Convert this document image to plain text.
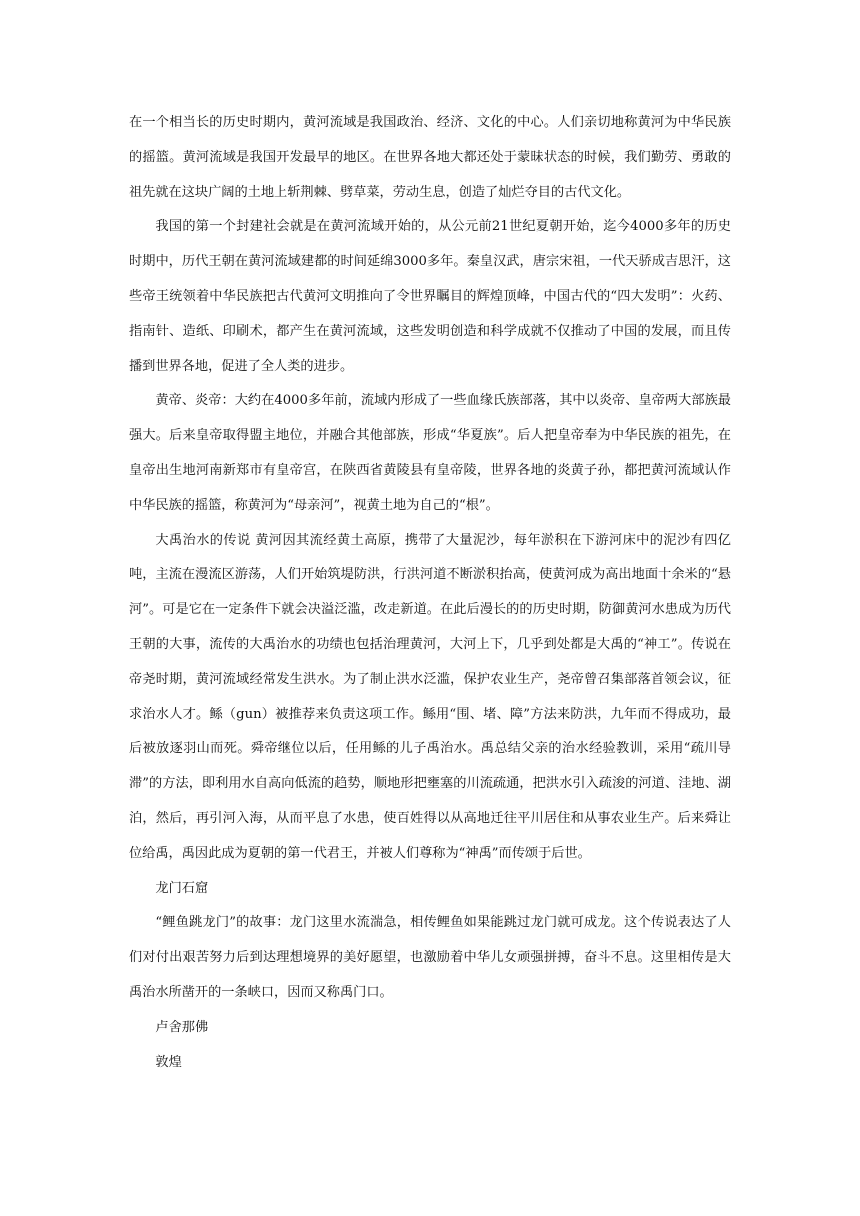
在一个相当长的历史时期内，黄河流域是我国政治、经济、文化的中心。人们亲切地称黄河为中华民族的摇篮。黄河流域是我国开发最早的地区。在世界各地大都还处于蒙昧状态的时候，我们勤劳、勇敢的祖先就在这块广阔的土地上斩荆棘、劈草菜，劳动生息，创造了灿烂夺目的古代文化。

我国的第一个封建社会就是在黄河流域开始的，从公元前21世纪夏朝开始，迄今4000多年的历史时期中，历代王朝在黄河流域建都的时间延绵3000多年。秦皇汉武，唐宗宋祖，一代天骄成吉思汗，这些帝王统领着中华民族把古代黄河文明推向了令世界瞩目的辉煌顶峰，中国古代的“四大发明”：火药、指南针、造纸、印刷术，都产生在黄河流域，这些发明创造和科学成就不仅推动了中国的发展，而且传播到世界各地，促进了全人类的进步。

黄帝、炎帝：大约在4000多年前，流域内形成了一些血缘氏族部落，其中以炎帝、皇帝两大部族最强大。后来皇帝取得盟主地位，并融合其他部族，形成“华夏族”。后人把皇帝奉为中华民族的祖先，在皇帝出生地河南新郑市有皇帝宫，在陕西省黄陵县有皇帝陵，世界各地的炎黄子孙，都把黄河流域认作中华民族的摇篮，称黄河为“母亲河”，视黄土地为自己的“根”。

大禹治水的传说 黄河因其流经黄土高原，携带了大量泥沙，每年淤积在下游河床中的泥沙有四亿吨，主流在漫流区游荡，人们开始筑堤防洪，行洪河道不断淤积抬高，使黄河成为高出地面十余米的“悬河”。可是它在一定条件下就会决溢泛滥，改走新道。在此后漫长的的历史时期，防御黄河水患成为历代王朝的大事，流传的大禹治水的功绩也包括治理黄河，大河上下，几乎到处都是大禹的“神工”。传说在帝尧时期，黄河流域经常发生洪水。为了制止洪水泛滥，保护农业生产，尧帝曾召集部落首领会议，征求治水人才。鲧（gun）被推荐来负责这项工作。鲧用“围、堵、障”方法来防洪，九年而不得成功，最后被放逐羽山而死。舜帝继位以后，任用鲧的儿子禹治水。禹总结父亲的治水经验教训，采用“疏川导滞”的方法，即利用水自高向低流的趋势，顺地形把壅塞的川流疏通，把洪水引入疏浚的河道、洼地、湖泊，然后，再引河入海，从而平息了水患，使百姓得以从高地迁往平川居住和从事农业生产。后来舜让位给禹，禹因此成为夏朝的第一代君王，并被人们尊称为“神禹”而传颂于后世。

龙门石窟

“鲤鱼跳龙门”的故事：龙门这里水流湍急，相传鲤鱼如果能跳过龙门就可成龙。这个传说表达了人们对付出艰苦努力后到达理想境界的美好愿望，也激励着中华儿女顽强拼搏，奋斗不息。这里相传是大禹治水所凿开的一条峡口，因而又称禹门口。

卢舍那佛

敦煌
